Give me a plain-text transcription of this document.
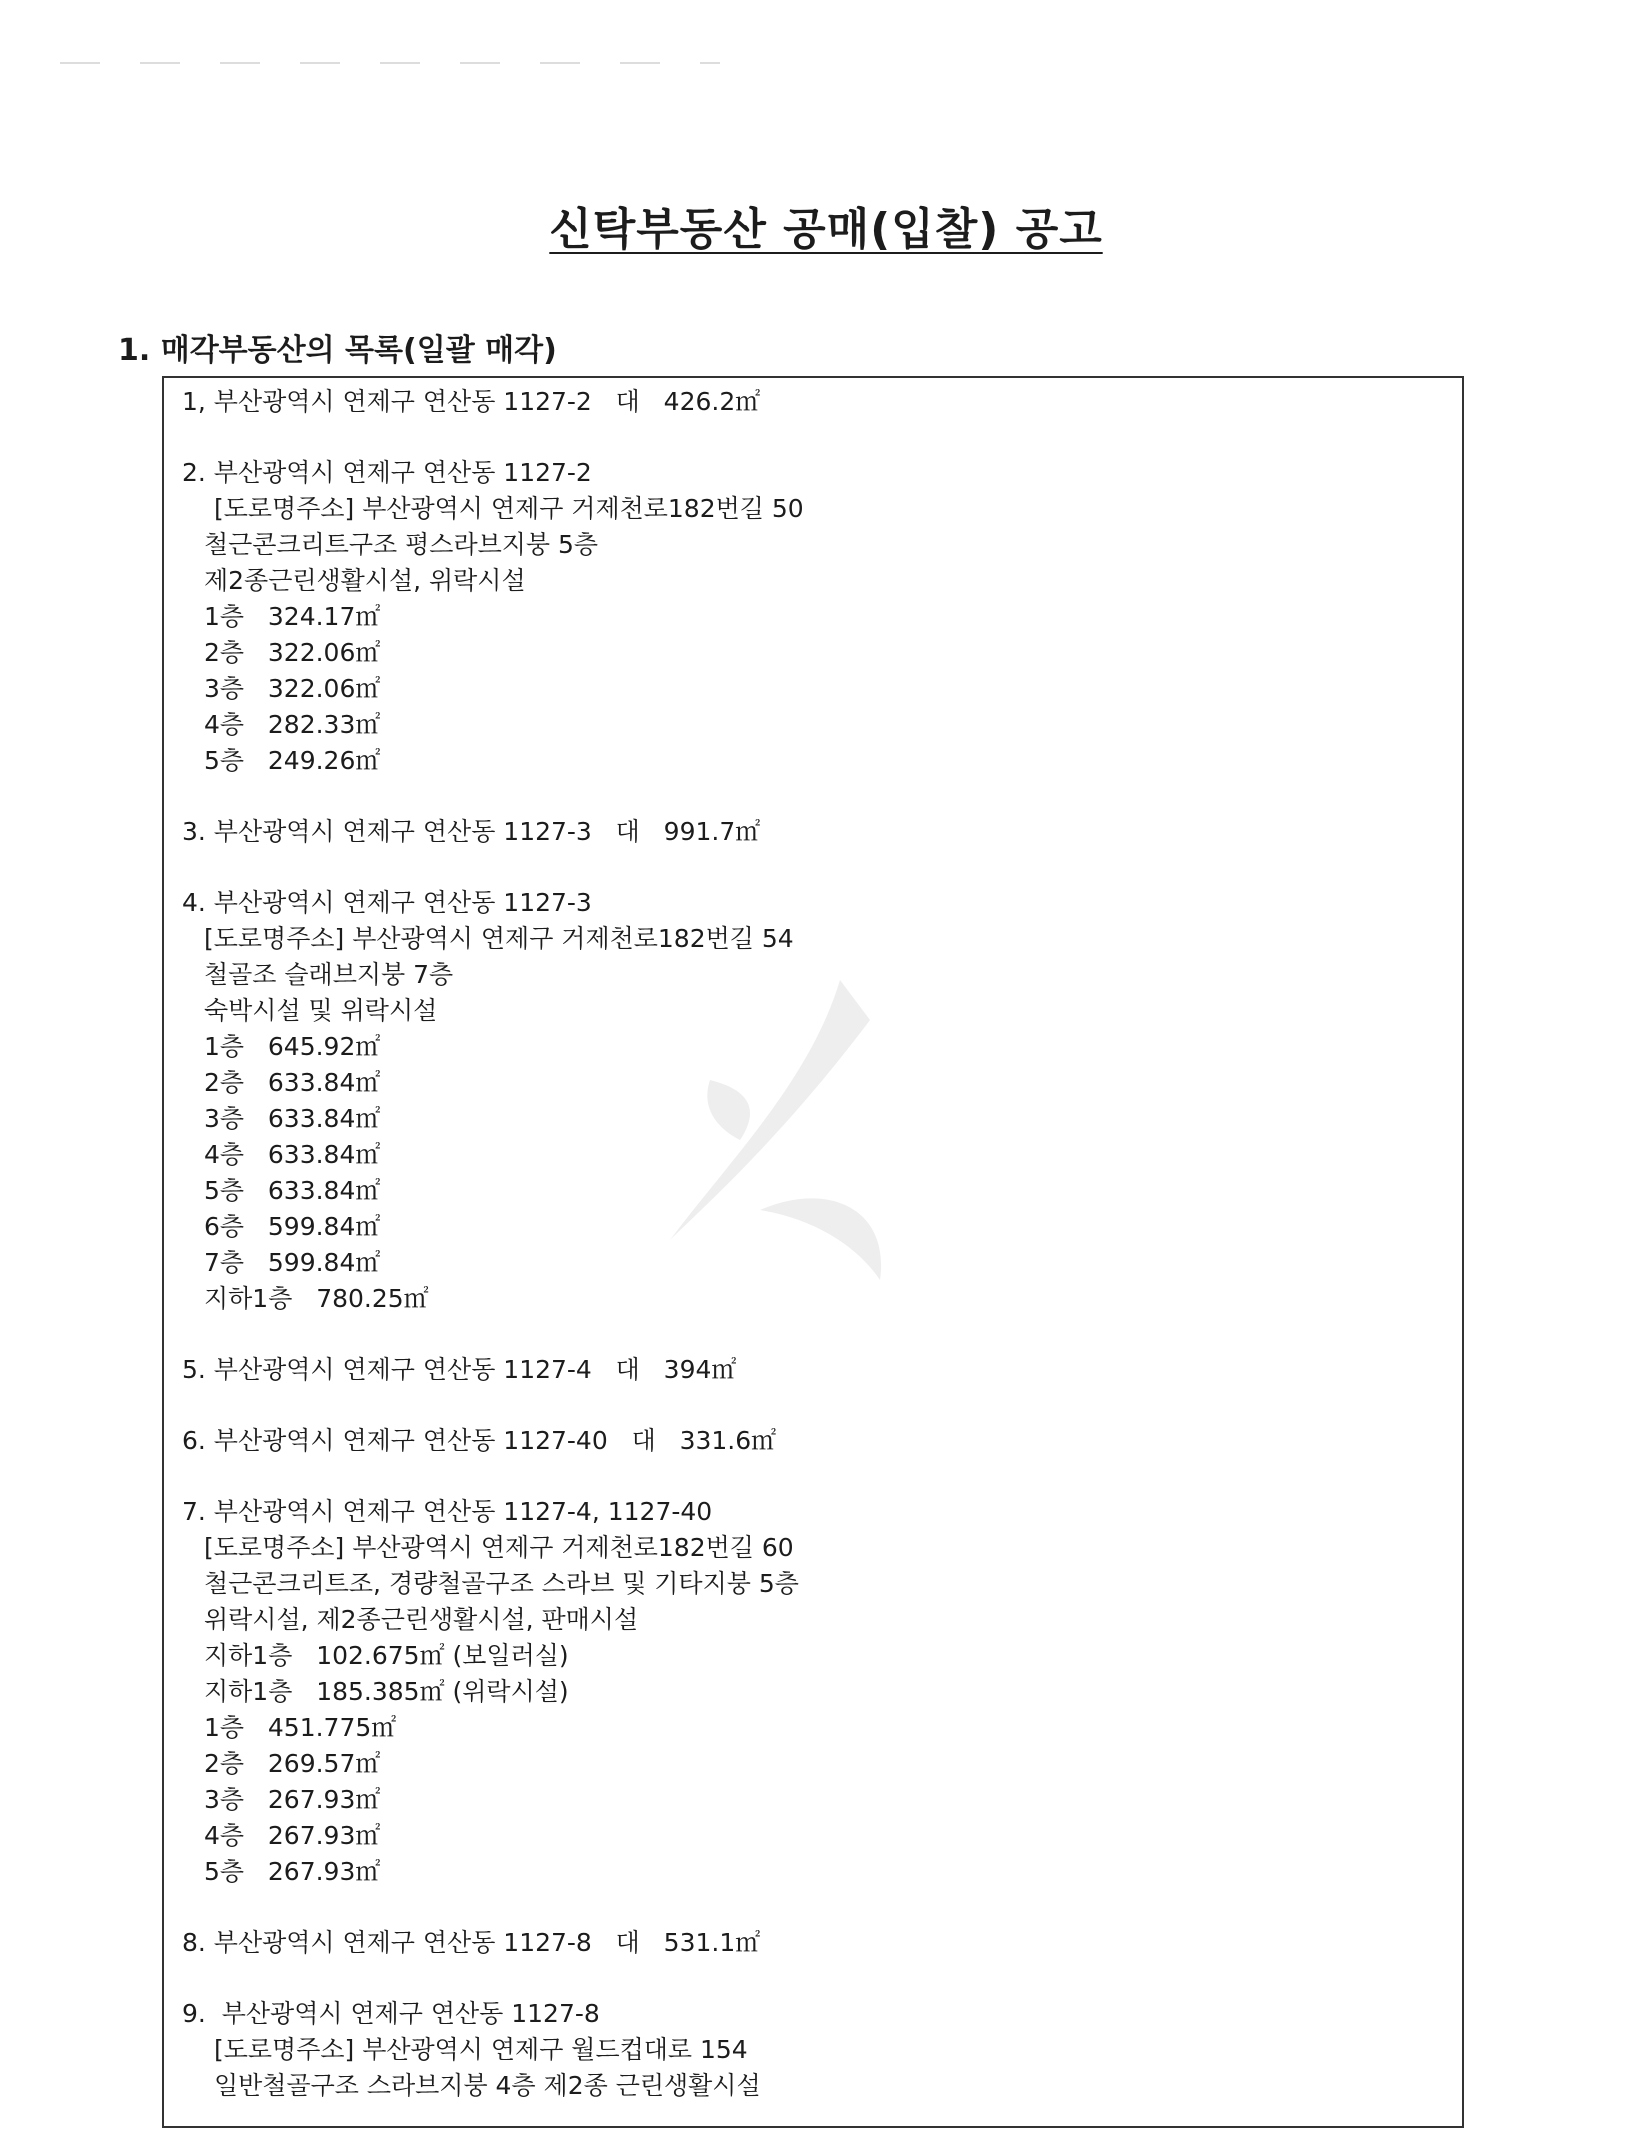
신탁부동산 공매(입찰) 공고
1. 매각부동산의 목록(일괄 매각)
1, 부산광역시 연제구 연산동 1127-2   대   426.2㎡
2. 부산광역시 연제구 연산동 1127-2
[도로명주소] 부산광역시 연제구 거제천로182번길 50
철근콘크리트구조 평스라브지붕 5층
제2종근린생활시설, 위락시설
1층   324.17㎡
2층   322.06㎡
3층   322.06㎡
4층   282.33㎡
5층   249.26㎡
3. 부산광역시 연제구 연산동 1127-3   대   991.7㎡
4. 부산광역시 연제구 연산동 1127-3
[도로명주소] 부산광역시 연제구 거제천로182번길 54
철골조 슬래브지붕 7층
숙박시설 및 위락시설
1층   645.92㎡
2층   633.84㎡
3층   633.84㎡
4층   633.84㎡
5층   633.84㎡
6층   599.84㎡
7층   599.84㎡
지하1층   780.25㎡
5. 부산광역시 연제구 연산동 1127-4   대   394㎡
6. 부산광역시 연제구 연산동 1127-40   대   331.6㎡
7. 부산광역시 연제구 연산동 1127-4, 1127-40
[도로명주소] 부산광역시 연제구 거제천로182번길 60
철근콘크리트조, 경량철골구조 스라브 및 기타지붕 5층
위락시설, 제2종근린생활시설, 판매시설
지하1층   102.675㎡ (보일러실)
지하1층   185.385㎡ (위락시설)
1층   451.775㎡
2층   269.57㎡
3층   267.93㎡
4층   267.93㎡
5층   267.93㎡
8. 부산광역시 연제구 연산동 1127-8   대   531.1㎡
9.  부산광역시 연제구 연산동 1127-8
[도로명주소] 부산광역시 연제구 월드컵대로 154
일반철골구조 스라브지붕 4층 제2종 근린생활시설
